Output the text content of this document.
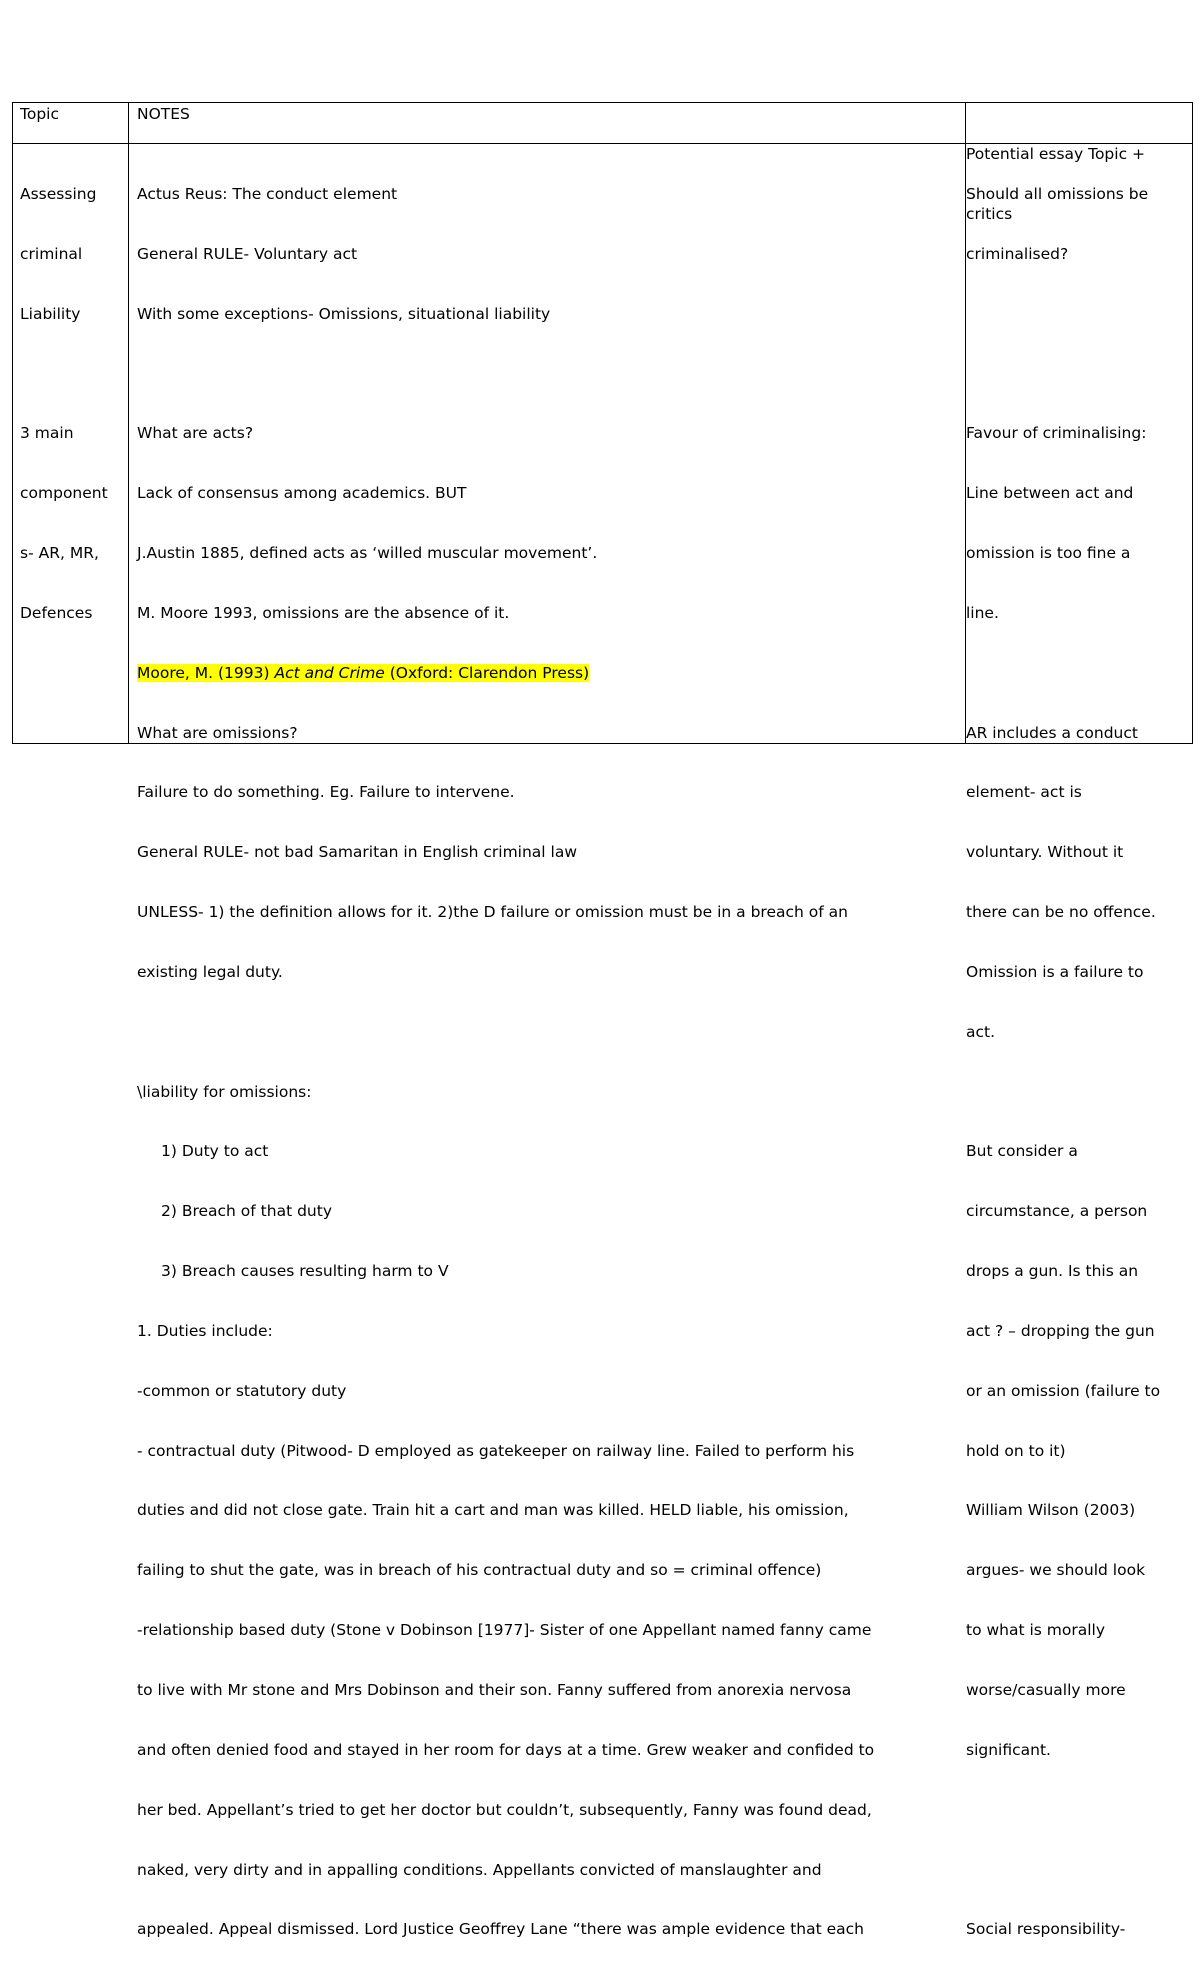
Topic	NOTES

Potential essay Topic +

critics

Assessing

criminal

Liability

3 main

component

s- AR, MR,

Defences

Actus Reus: The conduct element

General RULE- Voluntary act

With some exceptions- Omissions, situational liability

What are acts?

Lack of consensus among academics. BUT

J.Austin 1885, defined acts as ‘willed muscular movement’.

M. Moore 1993, omissions are the absence of it.

Moore, M. (1993) Act and Crime (Oxford: Clarendon Press)

What are omissions?

Failure to do something. Eg. Failure to intervene.

General RULE- not bad Samaritan in English criminal law

UNLESS- 1) the definition allows for it. 2)the D failure or omission must be in a breach of an

existing legal duty.

\liability for omissions:

1) Duty to act

2) Breach of that duty

3) Breach causes resulting harm to V

1. Duties include:

-common or statutory duty

- contractual duty (Pitwood- D employed as gatekeeper on railway line. Failed to perform his

duties and did not close gate. Train hit a cart and man was killed. HELD liable, his omission,

failing to shut the gate, was in breach of his contractual duty and so = criminal offence)

-relationship based duty (Stone v Dobinson [1977]- Sister of one Appellant named fanny came

to live with Mr stone and Mrs Dobinson and their son. Fanny suffered from anorexia nervosa

and often denied food and stayed in her room for days at a time. Grew weaker and confided to

her bed. Appellant’s tried to get her doctor but couldn’t, subsequently, Fanny was found dead,

naked, very dirty and in appalling conditions. Appellants convicted of manslaughter and

appealed. Appeal dismissed. Lord Justice Geoffrey Lane “there was ample evidence that each

Should all omissions be

criminalised?

Favour of criminalising:

Line between act and

omission is too fine a

line.

AR includes a conduct

element- act is

voluntary. Without it

there can be no offence.

Omission is a failure to

act.

But consider a

circumstance, a person

drops a gun. Is this an

act ? – dropping the gun

or an omission (failure to

hold on to it)

William Wilson (2003)

argues- we should look

to what is morally

worse/casually more

significant.

Social responsibility-
